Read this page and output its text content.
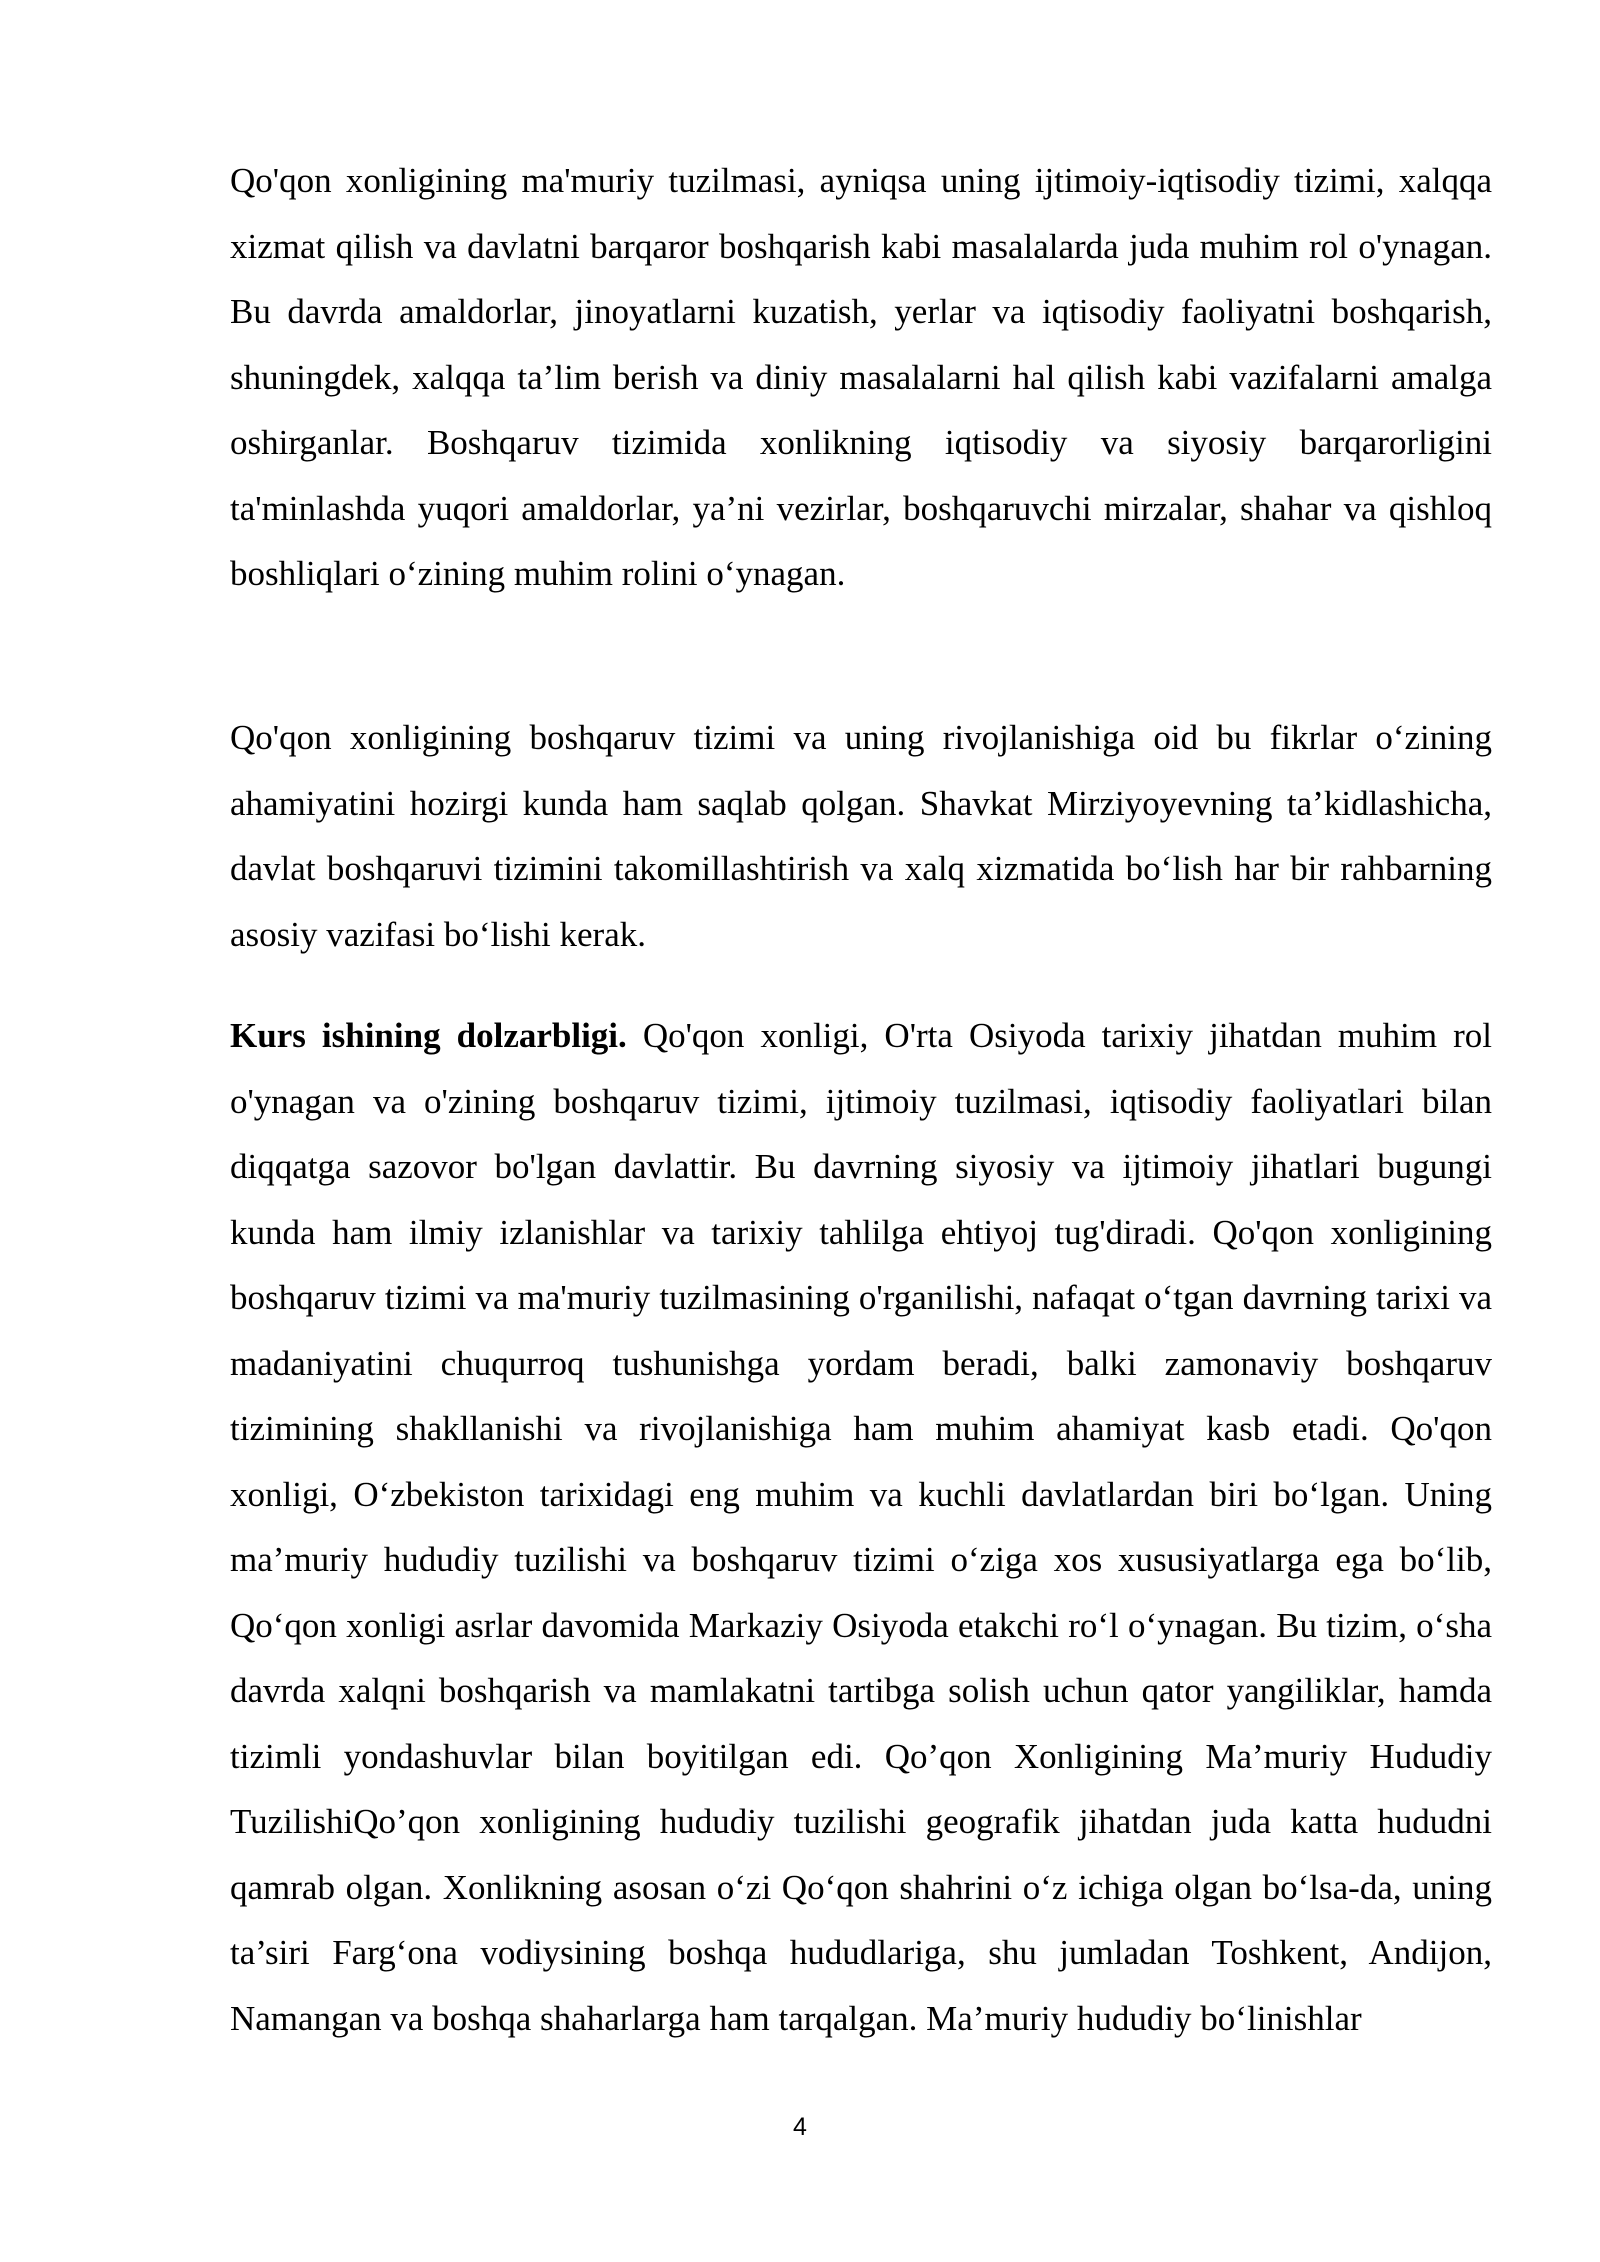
Qo'qon xonligining ma'muriy tuzilmasi, ayniqsa uning ijtimoiy-iqtisodiy tizimi, xalqqa xizmat qilish va davlatni barqaror boshqarish kabi masalalarda juda muhim rol o'ynagan. Bu davrda amaldorlar, jinoyatlarni kuzatish, yerlar va iqtisodiy faoliyatni boshqarish, shuningdek, xalqqa ta’lim berish va diniy masalalarni hal qilish kabi vazifalarni amalga oshirganlar. Boshqaruv tizimida xonlikning iqtisodiy va siyosiy barqarorligini ta'minlashda yuqori amaldorlar, ya’ni vezirlar, boshqaruvchi mirzalar, shahar va qishloq boshliqlari o‘zining muhim rolini o‘ynagan.

Qo'qon xonligining boshqaruv tizimi va uning rivojlanishiga oid bu fikrlar o‘zining ahamiyatini hozirgi kunda ham saqlab qolgan. Shavkat Mirziyoyevning ta’kidlashicha, davlat boshqaruvi tizimini takomillashtirish va xalq xizmatida bo‘lish har bir rahbarning asosiy vazifasi bo‘lishi kerak.

Kurs ishining dolzarbligi. Qo'qon xonligi, O'rta Osiyoda tarixiy jihatdan muhim rol o'ynagan va o'zining boshqaruv tizimi, ijtimoiy tuzilmasi, iqtisodiy faoliyatlari bilan diqqatga sazovor bo'lgan davlattir. Bu davrning siyosiy va ijtimoiy jihatlari bugungi kunda ham ilmiy izlanishlar va tarixiy tahlilga ehtiyoj tug'diradi. Qo'qon xonligining boshqaruv tizimi va ma'muriy tuzilmasining o'rganilishi, nafaqat o‘tgan davrning tarixi va madaniyatini chuqurroq tushunishga yordam beradi, balki zamonaviy boshqaruv tizimining shakllanishi va rivojlanishiga ham muhim ahamiyat kasb etadi. Qo'qon xonligi, O‘zbekiston tarixidagi eng muhim va kuchli davlatlardan biri bo‘lgan. Uning ma’muriy hududiy tuzilishi va boshqaruv tizimi o‘ziga xos xususiyatlarga ega bo‘lib, Qo‘qon xonligi asrlar davomida Markaziy Osiyoda etakchi ro‘l o‘ynagan. Bu tizim, o‘sha davrda xalqni boshqarish va mamlakatni tartibga solish uchun qator yangiliklar, hamda tizimli yondashuvlar bilan boyitilgan edi. Qo’qon Xonligining Ma’muriy Hududiy TuzilishiQo’qon xonligining hududiy tuzilishi geografik jihatdan juda katta hududni qamrab olgan. Xonlikning asosan o‘zi Qo‘qon shahrini o‘z ichiga olgan bo‘lsa-da, uning ta’siri Farg‘ona vodiysining boshqa hududlariga, shu jumladan Toshkent, Andijon, Namangan va boshqa shaharlarga ham tarqalgan. Ma’muriy hududiy bo‘linishlar

4
